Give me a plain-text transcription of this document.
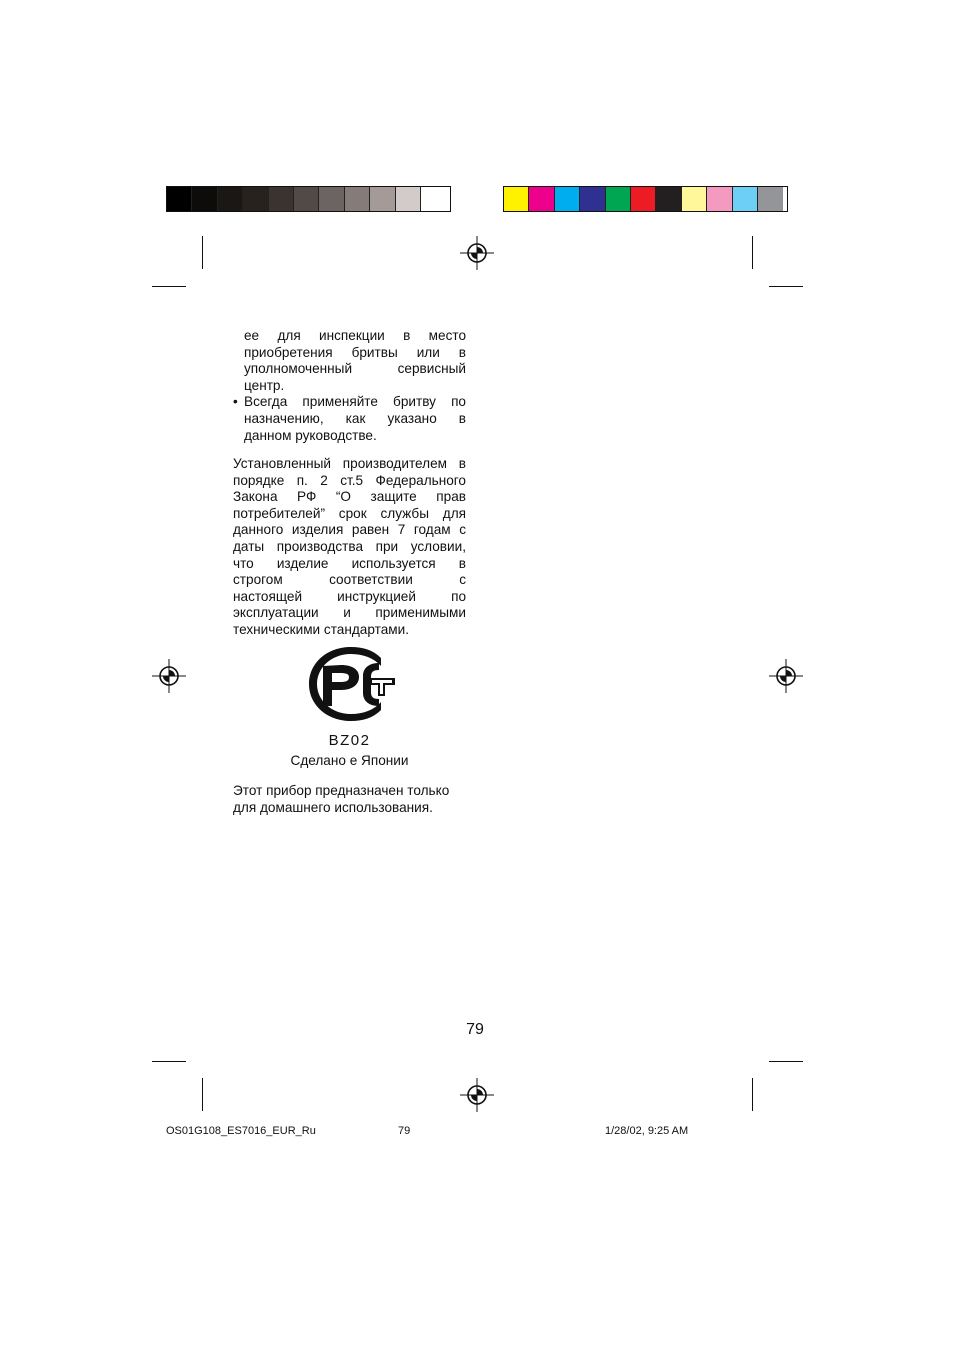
ее для инспекции в место

приобретения бритвы или в

уполномоченный сервисный

центр.

• Всегда применяйте бритву по

назначению, как указано в

данном руководстве.

Установленный производителем в

порядке п. 2 ст.5 Федерального

Закона РФ “О защите прав

потребителей” срок службы для

данного изделия равен 7 годам с

даты производства при условии,

что изделие используется в

строгом соответствии с

настоящей инструкцией по

эксплуатации и применимыми

техническими стандартами.

BZ02
Сделано е Японии

Этот прибор предназначен только

для домашнего использования.

79
OS01G108_ES7016_EUR_Ru	79	1/28/02, 9:25 AM
